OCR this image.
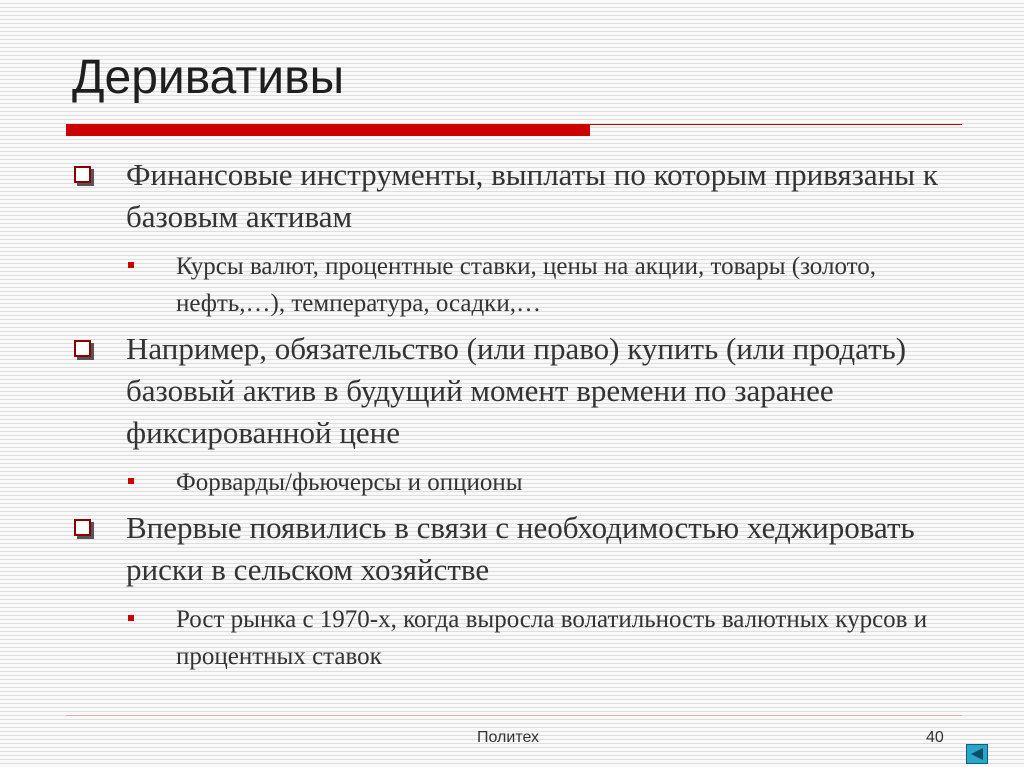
Деривативы
Финансовые инструменты, выплаты по которым привязаны к базовым активам
Курсы валют, процентные ставки, цены на акции, товары (золото, нефть,…), температура, осадки,…
Например, обязательство (или право) купить (или продать) базовый актив в будущий момент времени по заранее фиксированной цене
Форварды/фьючерсы и опционы
Впервые появились в связи с необходимостью хеджировать риски в сельском хозяйстве
Рост рынка с 1970-х, когда выросла волатильность валютных курсов и процентных ставок
Политех	40
